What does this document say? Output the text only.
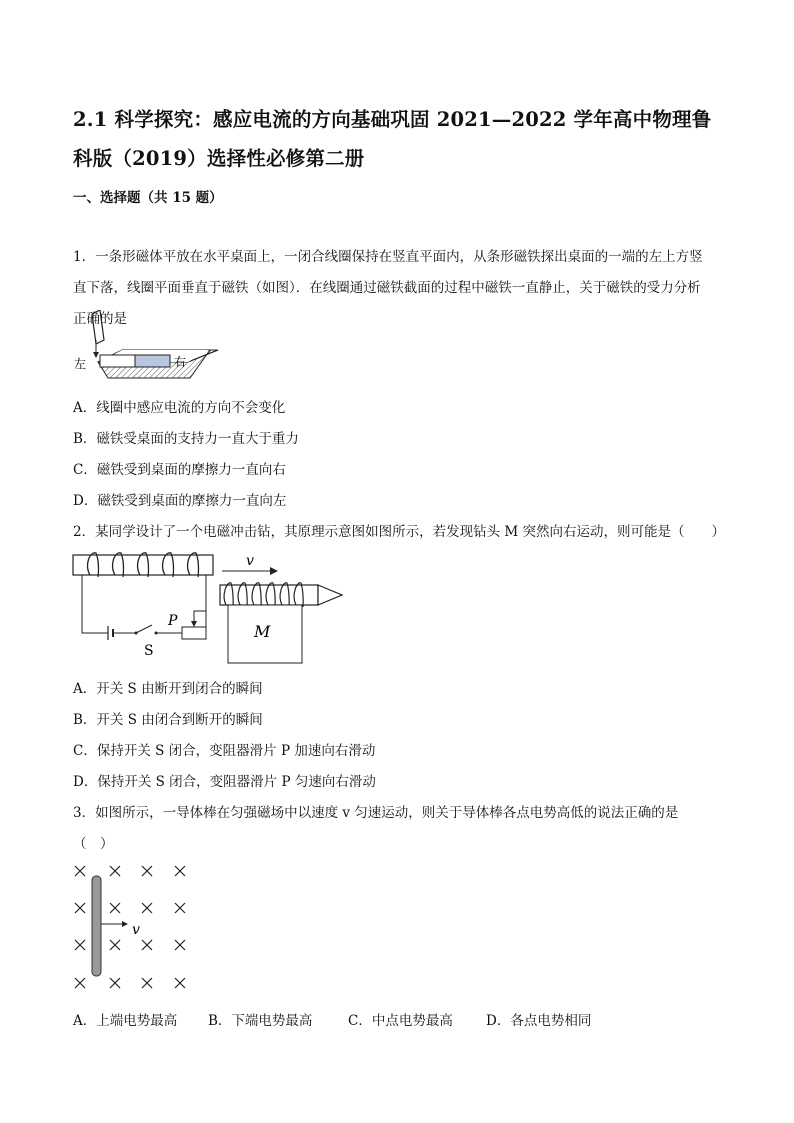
2.1 科学探究：感应电流的方向基础巩固 2021—2022 学年高中物理鲁
科版（2019）选择性必修第二册
一、选择题（共 15 题）
1．一条形磁体平放在水平桌面上，一闭合线圈保持在竖直平面内，从条形磁铁探出桌面的一端的左上方竖
直下落，线圈平面垂直于磁铁（如图）．在线圈通过磁铁截面的过程中磁铁一直静止，关于磁铁的受力分析
正确的是
左	右
A．线圈中感应电流的方向不会变化
B．磁铁受桌面的支持力一直大于重力
C．磁铁受到桌面的摩擦力一直向右
D．磁铁受到桌面的摩擦力一直向左
2．某同学设计了一个电磁冲击钻，其原理示意图如图所示，若发现钻头 M 突然向右运动，则可能是（　　）
P
S
v
M
A．开关 S 由断开到闭合的瞬间
B．开关 S 由闭合到断开的瞬间
C．保持开关 S 闭合，变阻器滑片 P 加速向右滑动
D．保持开关 S 闭合，变阻器滑片 P 匀速向右滑动
3．如图所示，一导体棒在匀强磁场中以速度 v 匀速运动，则关于导体棒各点电势高低的说法正确的是
（　）
v
A．上端电势最高 B．下端电势最高	C．中点电势最高 D．各点电势相同
